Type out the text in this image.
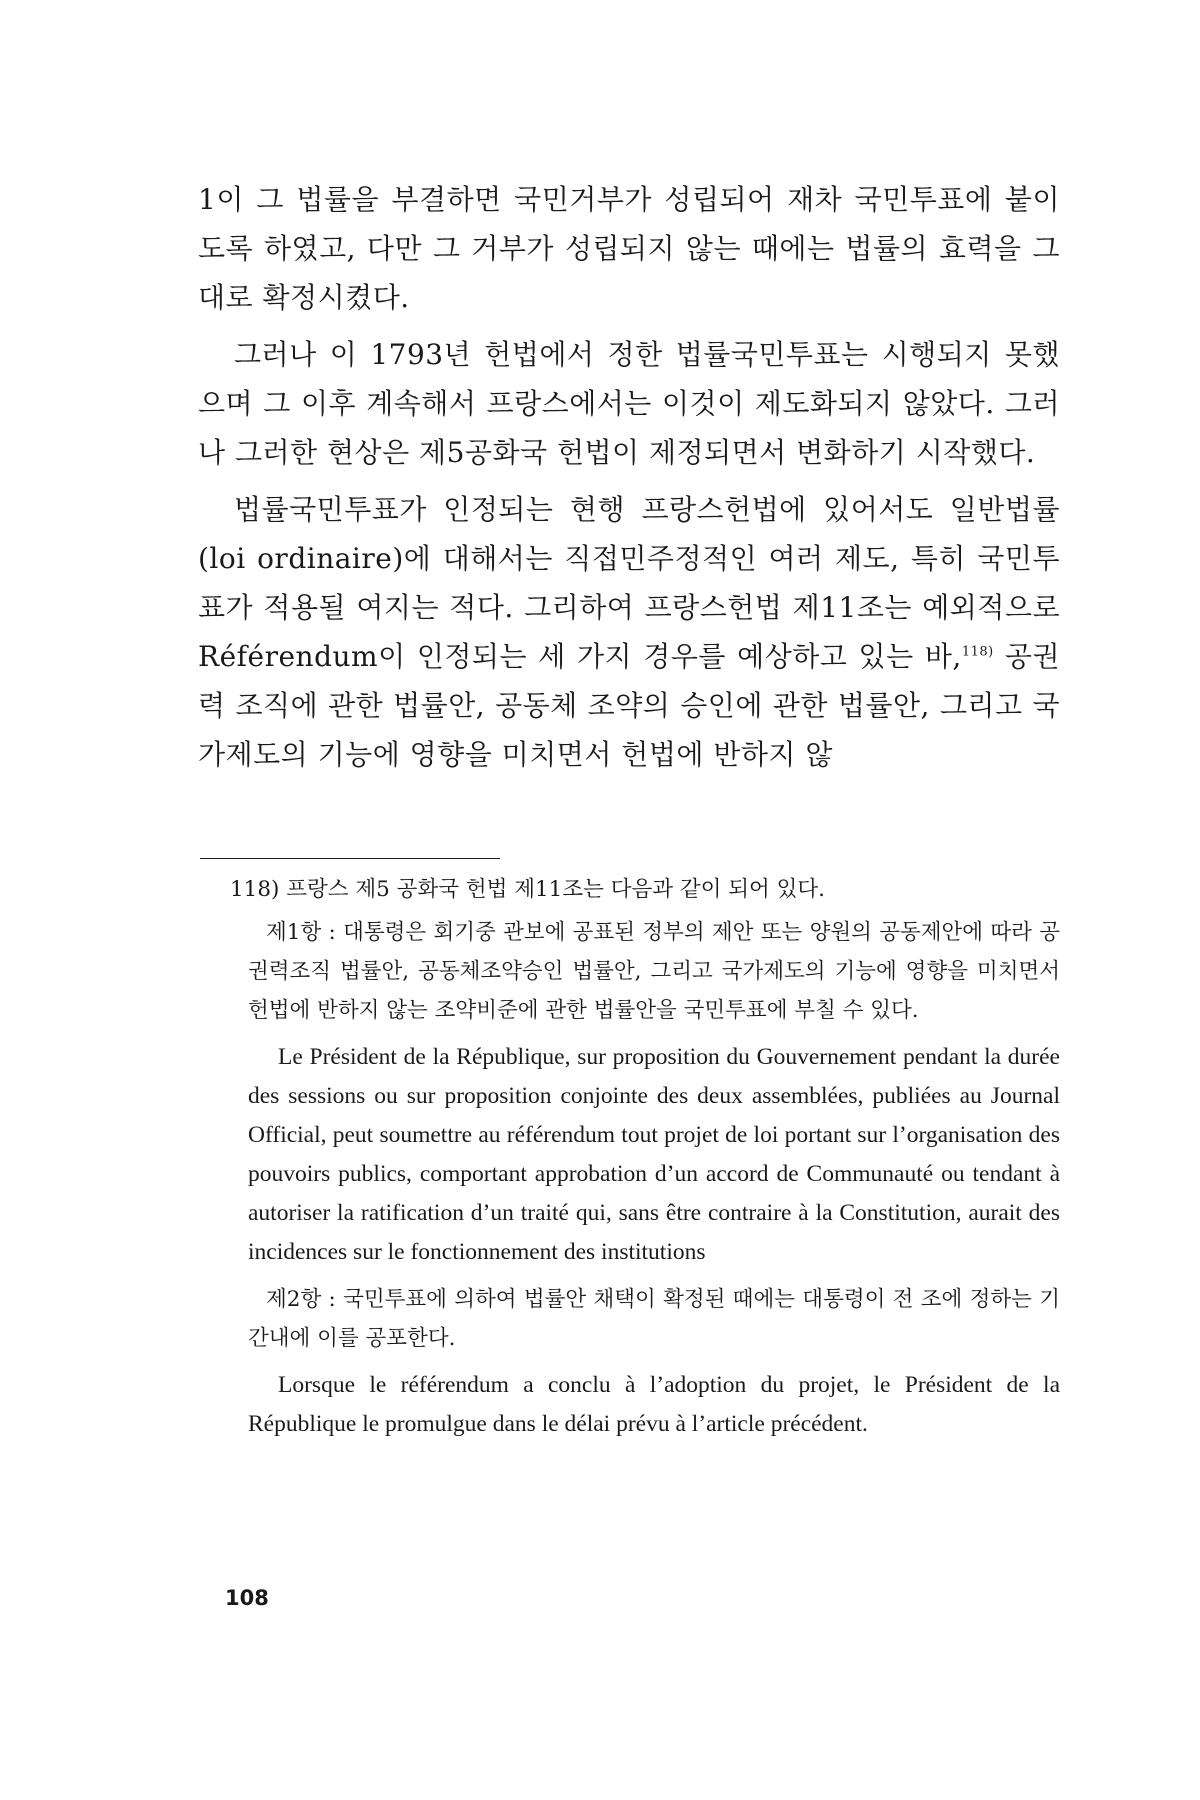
1이 그 법률을 부결하면 국민거부가 성립되어 재차 국민투표에 붙이도록 하였고, 다만 그 거부가 성립되지 않는 때에는 법률의 효력을 그대로 확정시켰다.

그러나 이 1793년 헌법에서 정한 법률국민투표는 시행되지 못했으며 그 이후 계속해서 프랑스에서는 이것이 제도화되지 않았다. 그러나 그러한 현상은 제5공화국 헌법이 제정되면서 변화하기 시작했다.

법률국민투표가 인정되는 현행 프랑스헌법에 있어서도 일반법률(loi ordinaire)에 대해서는 직접민주정적인 여러 제도, 특히 국민투표가 적용될 여지는 적다. 그리하여 프랑스헌법 제11조는 예외적으로 Référendum이 인정되는 세 가지 경우를 예상하고 있는 바,$^{118)}$ 공권력 조직에 관한 법률안, 공동체 조약의 승인에 관한 법률안, 그리고 국가제도의 기능에 영향을 미치면서 헌법에 반하지 않

118) 프랑스 제5 공화국 헌법 제11조는 다음과 같이 되어 있다.

제1항 : 대통령은 회기중 관보에 공표된 정부의 제안 또는 양원의 공동제안에 따라 공권력조직 법률안, 공동체조약승인 법률안, 그리고 국가제도의 기능에 영향을 미치면서 헌법에 반하지 않는 조약비준에 관한 법률안을 국민투표에 부칠 수 있다.

Le Président de la République, sur proposition du Gouvernement pendant la durée des sessions ou sur proposition conjointe des deux assemblées, publiées au Journal Official, peut soumettre au référendum tout projet de loi portant sur l’organisation des pouvoirs publics, comportant approbation d’un accord de Communauté ou tendant à autoriser la ratification d’un traité qui, sans être contraire à la Constitution, aurait des incidences sur le fonctionnement des institutions

제2항 : 국민투표에 의하여 법률안 채택이 확정된 때에는 대통령이 전 조에 정하는 기간내에 이를 공포한다.

Lorsque le référendum a conclu à l’adoption du projet, le Président de la République le promulgue dans le délai prévu à l’article précédent.

108
